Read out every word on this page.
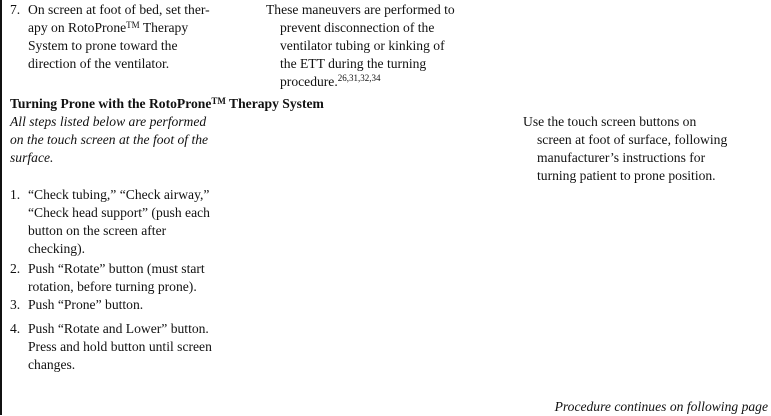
7. On screen at foot of bed, set ther-

apy on RotoProne™ Therapy

System to prone toward the

direction of the ventilator.

These maneuvers are performed to

prevent disconnection of the

ventilator tubing or kinking of

the ETT during the turning

procedure.$^{26,31,32,34}$

Turning Prone with the RotoProne™ Therapy System

All steps listed below are performed

on the touch screen at the foot of the

surface.

1. “Check tubing,” “Check airway,”

“Check head support” (push each

button on the screen after

checking).

2. Push “Rotate” button (must start

rotation, before turning prone).

3. Push “Prone” button.

4. Push “Rotate and Lower” button.

Press and hold button until screen

changes.

Use the touch screen buttons on

screen at foot of surface, following

manufacturer’s instructions for

turning patient to prone position.

Procedure continues on following page
